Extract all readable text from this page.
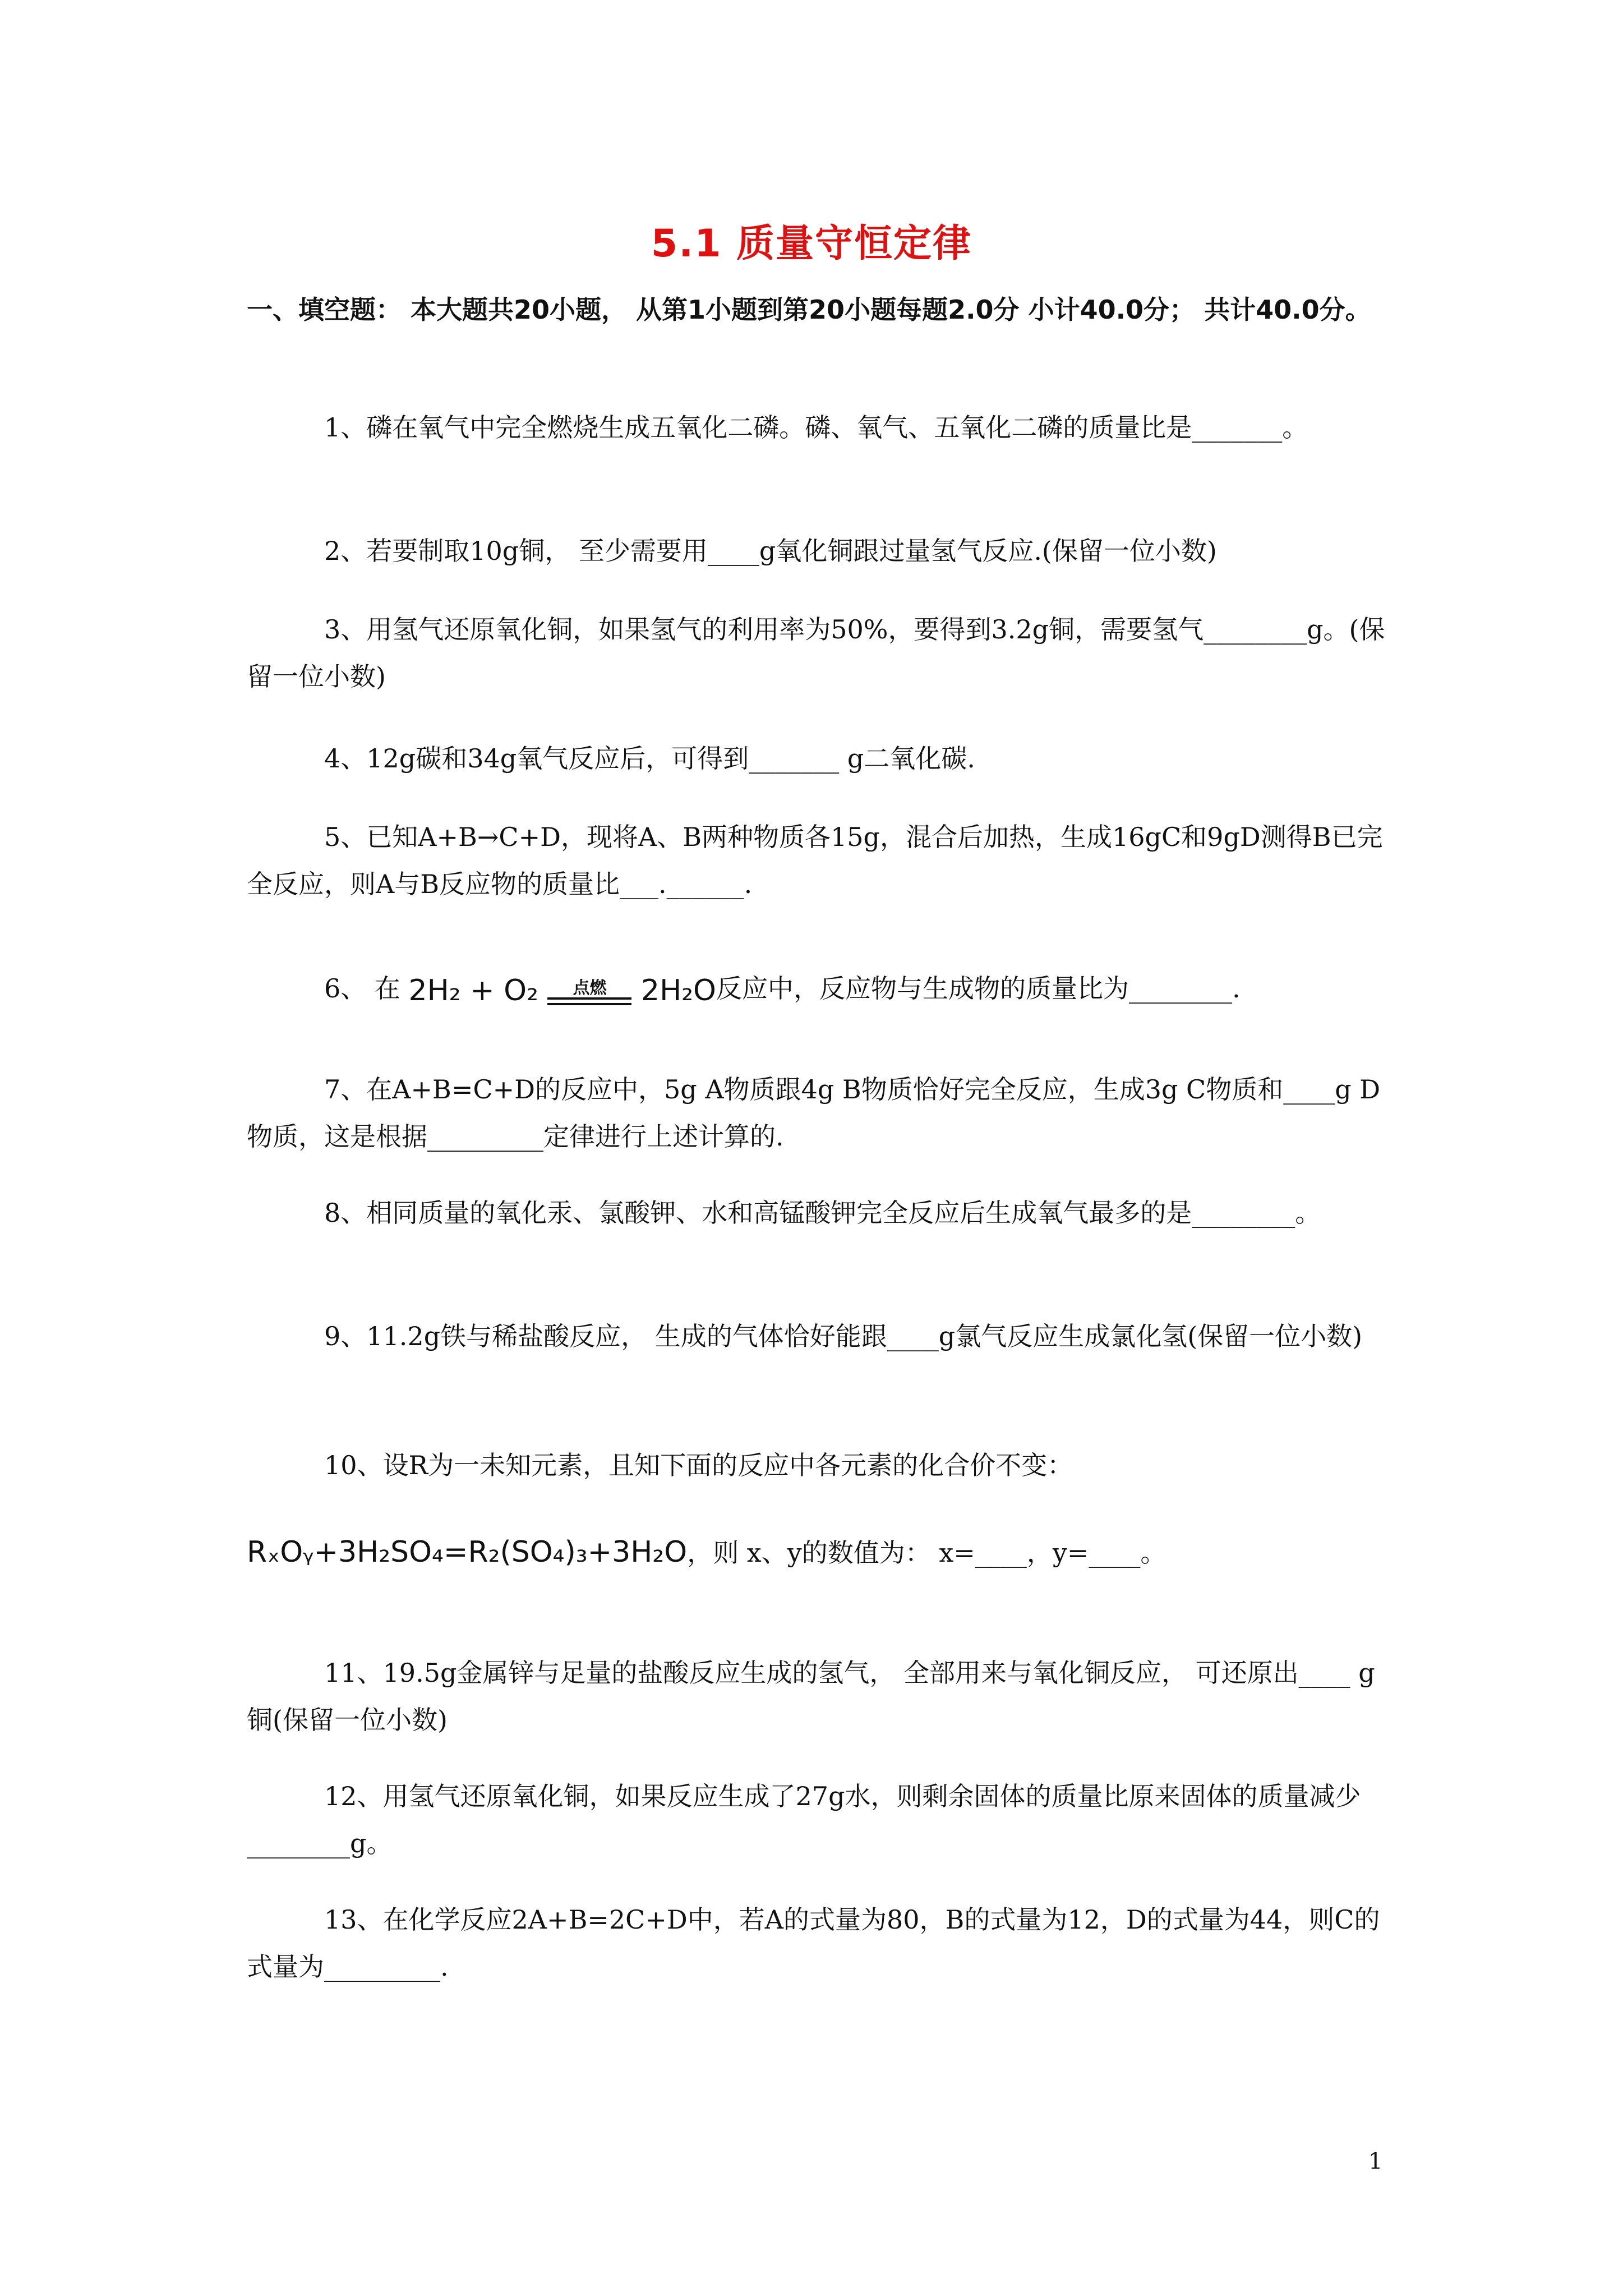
5.1 质量守恒定律
一、填空题： 本大题共20小题， 从第1小题到第20小题每题2.0分 小计40.0分； 共计40.0分。
1、磷在氧气中完全燃烧生成五氧化二磷。磷、氧气、五氧化二磷的质量比是_______。
2、若要制取10g铜， 至少需要用____g氧化铜跟过量氢气反应.(保留一位小数)
3、用氢气还原氧化铜，如果氢气的利用率为50%，要得到3.2g铜，需要氢气________g。(保留一位小数)
4、12g碳和34g氧气反应后，可得到_______ g二氧化碳.
5、已知A+B→C+D，现将A、B两种物质各15g，混合后加热，生成16gC和9gD测得B已完全反应，则A与B反应物的质量比___.______.
6、 在 2H₂ + O₂	点燃	2H₂O反应中，反应物与生成物的质量比为________.
7、在A+B=C+D的反应中，5g A物质跟4g B物质恰好完全反应，生成3g C物质和____g D物质，这是根据_________定律进行上述计算的.
8、相同质量的氧化汞、氯酸钾、水和高锰酸钾完全反应后生成氧气最多的是________。
9、11.2g铁与稀盐酸反应， 生成的气体恰好能跟____g氯气反应生成氯化氢(保留一位小数)
10、设R为一未知元素，且知下面的反应中各元素的化合价不变：
RₓOᵧ+3H₂SO₄=R₂(SO₄)₃+3H₂O，则 x、y的数值为： x=____，y=____。
11、19.5g金属锌与足量的盐酸反应生成的氢气， 全部用来与氧化铜反应， 可还原出____ g铜(保留一位小数)
12、用氢气还原氧化铜，如果反应生成了27g水，则剩余固体的质量比原来固体的质量减少________g。
13、在化学反应2A+B=2C+D中，若A的式量为80，B的式量为12，D的式量为44，则C的式量为_________.
1
